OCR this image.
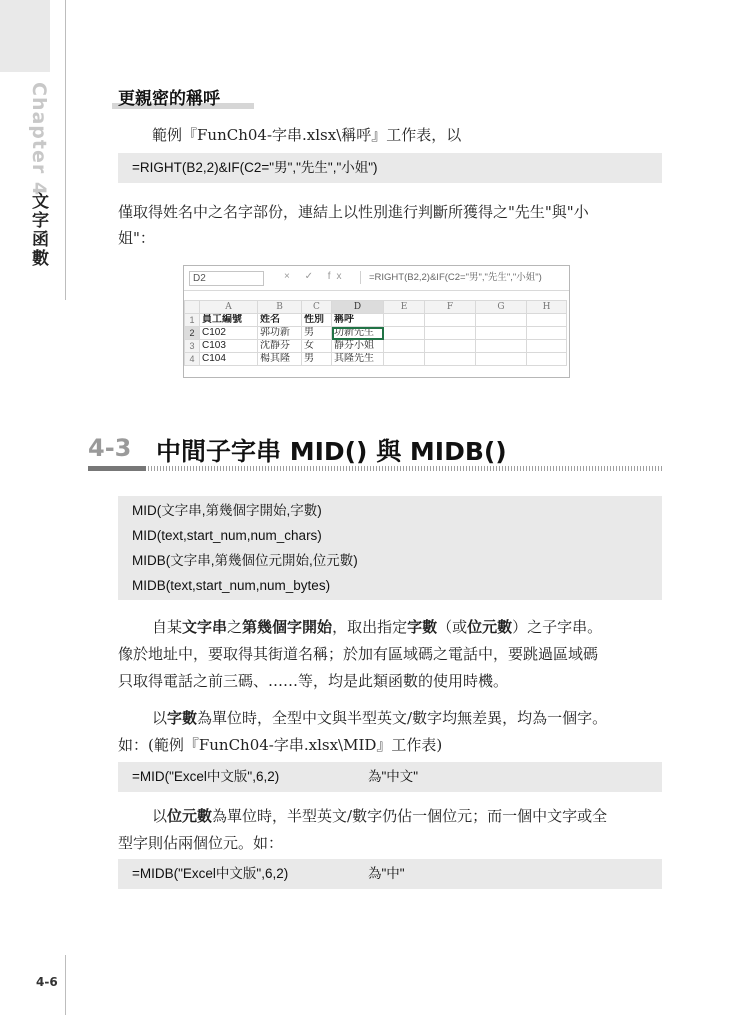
Chapter 4
文字函數
4-6
更親密的稱呼
範例『FunCh04-字串.xlsx\稱呼』工作表，以
=RIGHT(B2,2)&IF(C2="男","先生","小姐")
僅取得姓名中之名字部份，連結上以性別進行判斷所獲得之"先生"與"小
姐"：
D2	× ✓ fx	=RIGHT(B2,2)&IF(C2="男","先生","小姐")
	A	B	C	D	E	F	G	H
1	員工編號	姓名	性別	稱呼				
2	C102	郭功新	男	功新先生				
3	C103	沈靜芬	女	靜芬小姐				
4	C104	楊其隆	男	其隆先生				
4-3 中間子字串 MID() 與 MIDB()
MID(文字串,第幾個字開始,字數)
MID(text,start_num,num_chars)
MIDB(文字串,第幾個位元開始,位元數)
MIDB(text,start_num,num_bytes)
自某文字串之第幾個字開始，取出指定字數（或位元數）之子字串。
像於地址中，要取得其街道名稱；於加有區域碼之電話中，要跳過區域碼
只取得電話之前三碼、……等，均是此類函數的使用時機。
以字數為單位時，全型中文與半型英文/數字均無差異，均為一個字。
如：(範例『FunCh04-字串.xlsx\MID』工作表)
=MID("Excel中文版",6,2)	為"中文"
以位元數為單位時，半型英文/數字仍佔一個位元；而一個中文字或全
型字則佔兩個位元。如：
=MIDB("Excel中文版",6,2)	為"中"
